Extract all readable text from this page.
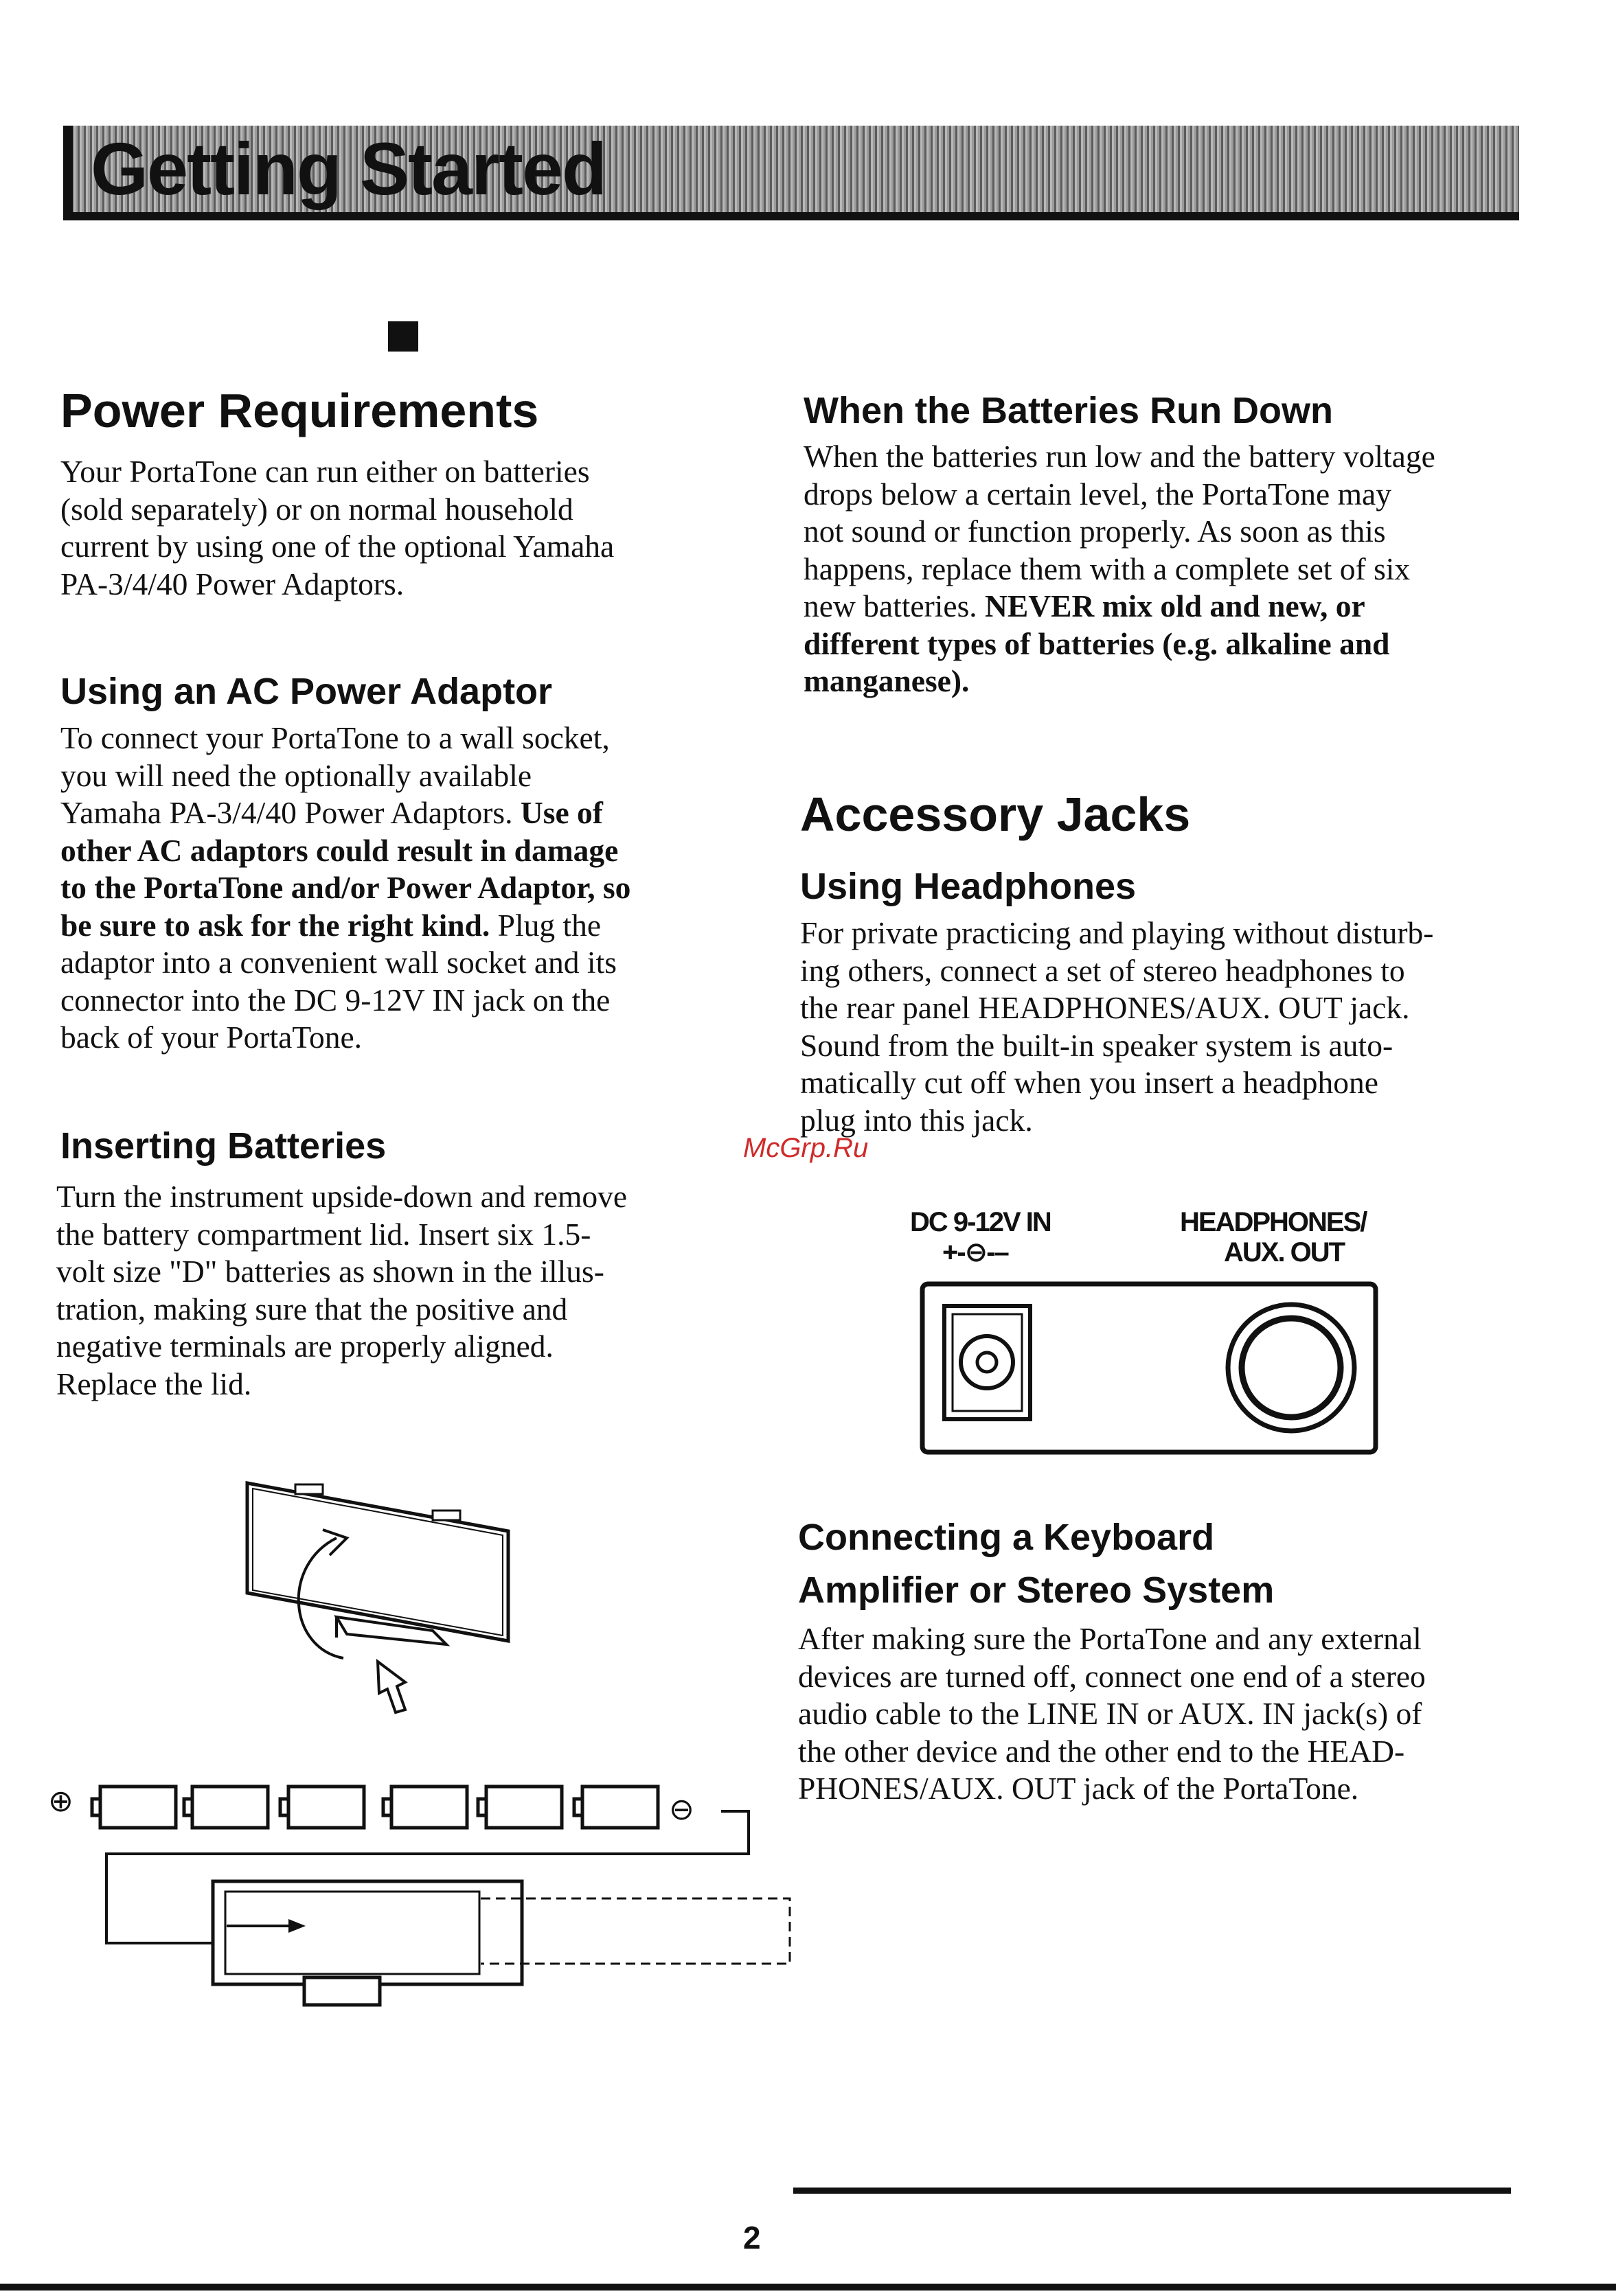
Getting Started
Power Requirements

Your PortaTone can run either on batteries

(sold separately) or on normal household

current by using one of the optional Yamaha

PA-3/4/40 Power Adaptors.

Using an AC Power Adaptor

To connect your PortaTone to a wall socket,

you will need the optionally available

Yamaha PA-3/4/40 Power Adaptors. Use of

other AC adaptors could result in damage

to the PortaTone and/or Power Adaptor, so

be sure to ask for the right kind. Plug the

adaptor into a convenient wall socket and its

connector into the DC 9-12V IN jack on the

back of your PortaTone.

Inserting Batteries

Turn the instrument upside-down and remove

the battery compartment lid. Insert six 1.5-

volt size "D" batteries as shown in the illus-

tration, making sure that the positive and

negative terminals are properly aligned.

Replace the lid.

⊕	⊖
When the Batteries Run Down

When the batteries run low and the battery voltage

drops below a certain level, the PortaTone may

not sound or function properly. As soon as this

happens, replace them with a complete set of six

new batteries. NEVER mix old and new, or

different types of batteries (e.g. alkaline and

manganese).

Accessory Jacks
Using Headphones

For private practicing and playing without disturb-

ing others, connect a set of stereo headphones to

the rear panel HEADPHONES/AUX. OUT jack.

Sound from the built-in speaker system is auto-

matically cut off when you insert a headphone

plug into this jack.

McGrp.Ru
DC 9-12V IN
+-⊖-–
HEADPHONES/
AUX. OUT
Connecting a Keyboard
Amplifier or Stereo System

After making sure the PortaTone and any external

devices are turned off, connect one end of a stereo

audio cable to the LINE IN or AUX. IN jack(s) of

the other device and the other end to the HEAD-

PHONES/AUX. OUT jack of the PortaTone.

2
